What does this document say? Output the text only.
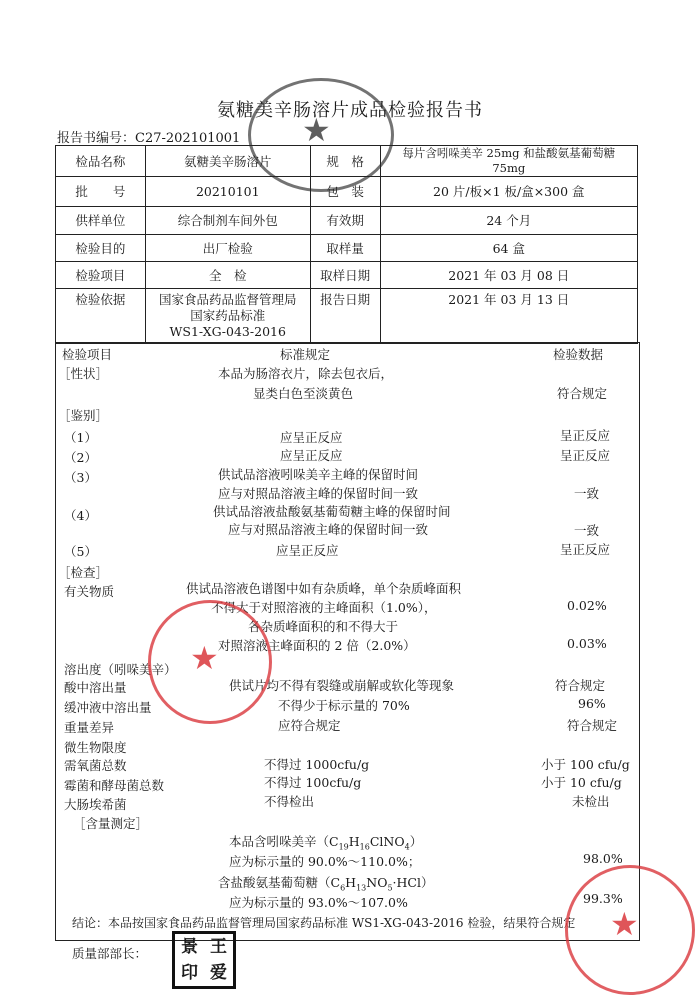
氨糖美辛肠溶片成品检验报告书
报告书编号：C27-202101001
检品名称	氨糖美辛肠溶片	规　格	每片含吲哚美辛 25mg 和盐酸氨基葡萄糖 75mg
批　　号	20210101	包　装	20 片/板×1 板/盒×300 盒
供样单位	综合制剂车间外包	有效期	24 个月
检验目的	出厂检验	取样量	64 盒
检验项目	全　检	取样日期	2021 年 03 月 08 日
检验依据	国家食品药品监督管理局
国家药品标准
WS1-XG-043-2016	报告日期	2021 年 03 月 13 日
检验项目	标准规定	检验数据
［性状］	本品为肠溶衣片，除去包衣后，
显类白色至淡黄色	符合规定
［鉴别］
（1）	应呈正反应	呈正反应
（2）	应呈正反应	呈正反应
（3）	供试品溶液吲哚美辛主峰的保留时间
应与对照品溶液主峰的保留时间一致	一致
（4）	供试品溶液盐酸氨基葡萄糖主峰的保留时间
应与对照品溶液主峰的保留时间一致	一致
（5）	应呈正反应	呈正反应
［检查］
有关物质	供试品溶液色谱图中如有杂质峰，单个杂质峰面积
不得大于对照溶液的主峰面积（1.0%），	0.02%
各杂质峰面积的和不得大于
对照溶液主峰面积的 2 倍（2.0%）	0.03%
溶出度（吲哚美辛）
酸中溶出量	供试片均不得有裂缝或崩解或软化等现象	符合规定
缓冲液中溶出量	不得少于标示量的 70%	96%
重量差异	应符合规定	符合规定
微生物限度
需氧菌总数	不得过 1000cfu/g	小于 100 cfu/g
霉菌和酵母菌总数	不得过 100cfu/g	小于 10 cfu/g
大肠埃希菌	不得检出	未检出
［含量测定］
本品含吲哚美辛$(C_{19}H_{16}ClNO_4)$
应为标示量的 90.0%～110.0%；	98.0%
含盐酸氨基葡萄糖$(C_6H_{13}NO_5\cdot HCl)$
应为标示量的 93.0%～107.0%	99.3%
结论：本品按国家食品药品监督管理局国家药品标准 WS1-XG-043-2016 检验，结果符合规定
质量部部长：	景 王
印 爱
★
★
★
